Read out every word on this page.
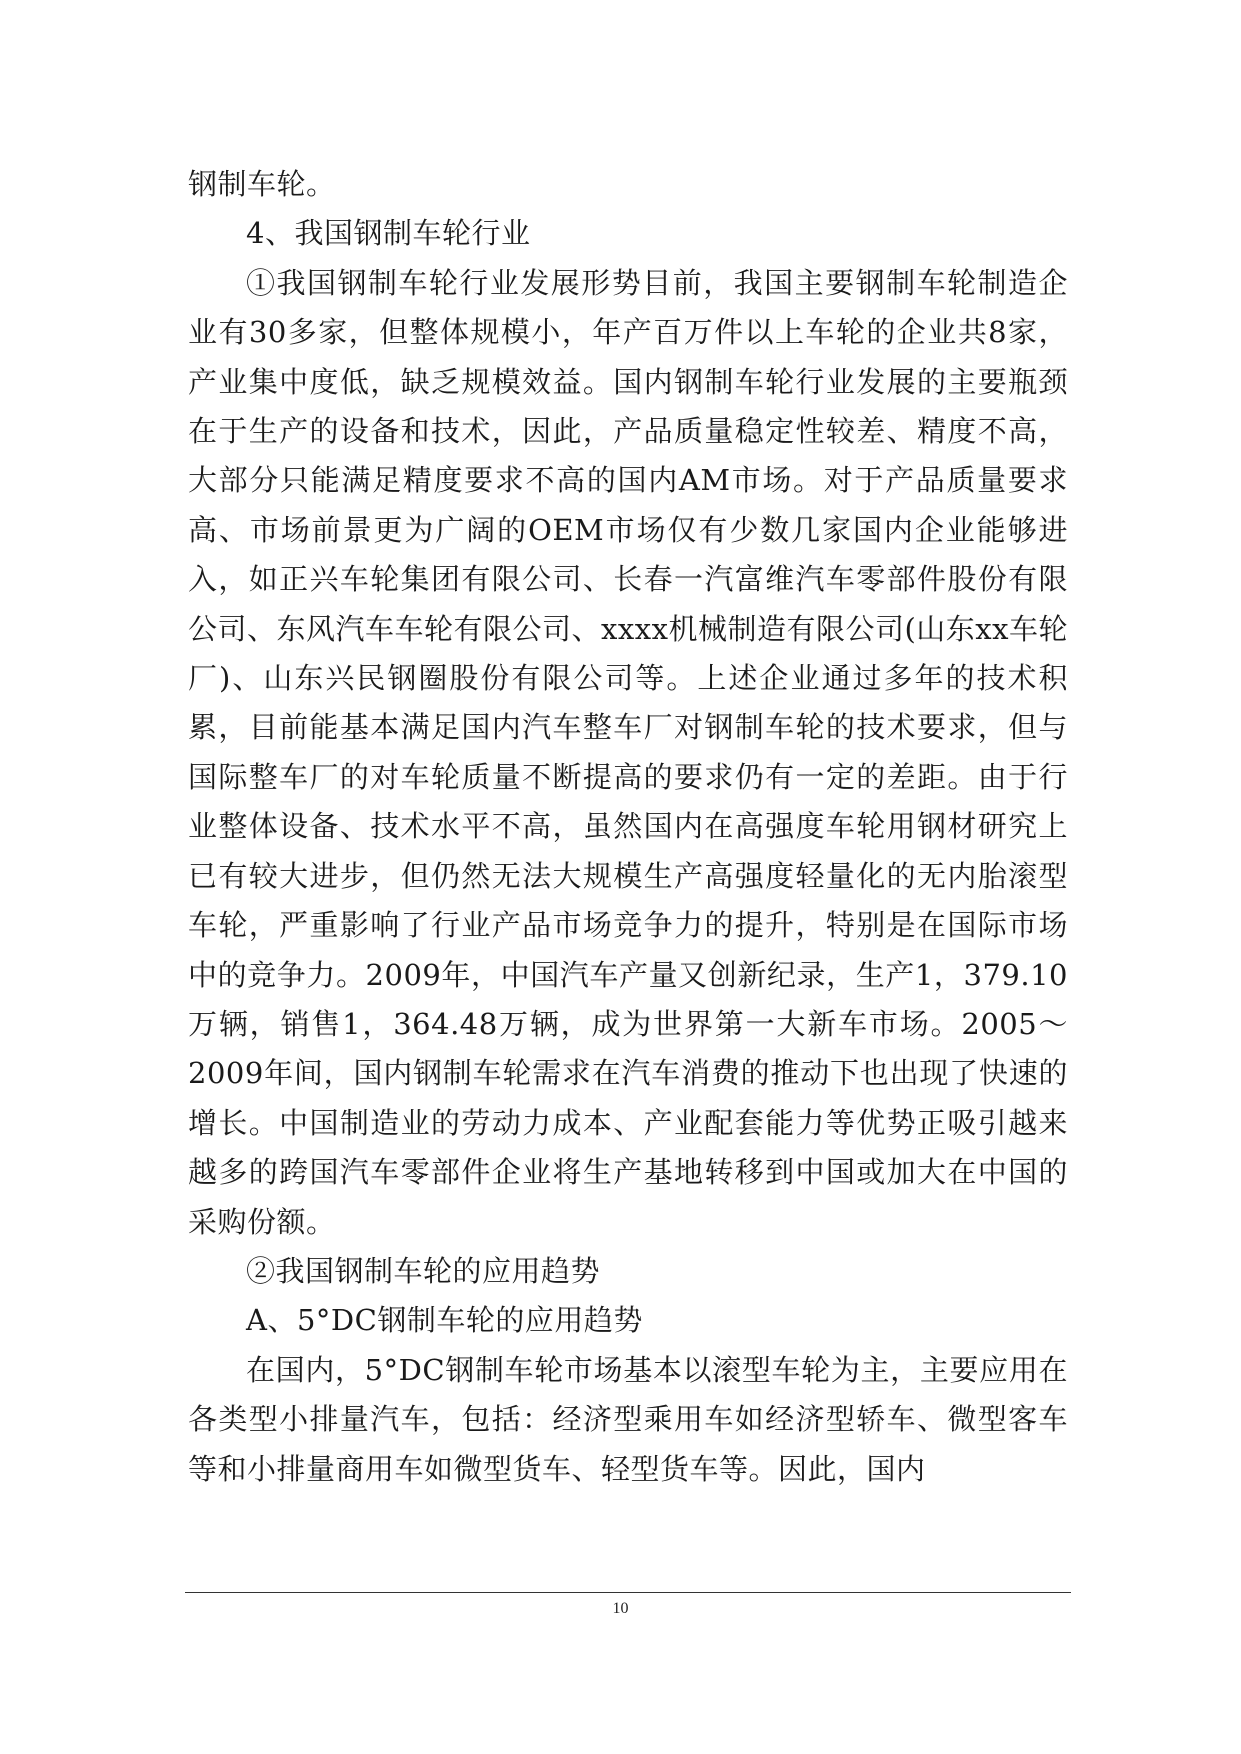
钢制车轮。

4、我国钢制车轮行业

①我国钢制车轮行业发展形势目前，我国主要钢制车轮制造企业有30多家，但整体规模小，年产百万件以上车轮的企业共8家，产业集中度低，缺乏规模效益。国内钢制车轮行业发展的主要瓶颈在于生产的设备和技术，因此，产品质量稳定性较差、精度不高，大部分只能满足精度要求不高的国内AM市场。对于产品质量要求高、市场前景更为广阔的OEM市场仅有少数几家国内企业能够进入，如正兴车轮集团有限公司、长春一汽富维汽车零部件股份有限公司、东风汽车车轮有限公司、xxxx机械制造有限公司(山东xx车轮厂)、山东兴民钢圈股份有限公司等。上述企业通过多年的技术积累，目前能基本满足国内汽车整车厂对钢制车轮的技术要求，但与国际整车厂的对车轮质量不断提高的要求仍有一定的差距。由于行业整体设备、技术水平不高，虽然国内在高强度车轮用钢材研究上已有较大进步，但仍然无法大规模生产高强度轻量化的无内胎滚型车轮，严重影响了行业产品市场竞争力的提升，特别是在国际市场中的竞争力。2009年，中国汽车产量又创新纪录，生产1，379.10万辆，销售1，364.48万辆，成为世界第一大新车市场。2005～2009年间，国内钢制车轮需求在汽车消费的推动下也出现了快速的增长。中国制造业的劳动力成本、产业配套能力等优势正吸引越来越多的跨国汽车零部件企业将生产基地转移到中国或加大在中国的采购份额。

②我国钢制车轮的应用趋势

A、5°DC钢制车轮的应用趋势

在国内，5°DC钢制车轮市场基本以滚型车轮为主，主要应用在各类型小排量汽车，包括：经济型乘用车如经济型轿车、微型客车等和小排量商用车如微型货车、轻型货车等。因此，国内

10
